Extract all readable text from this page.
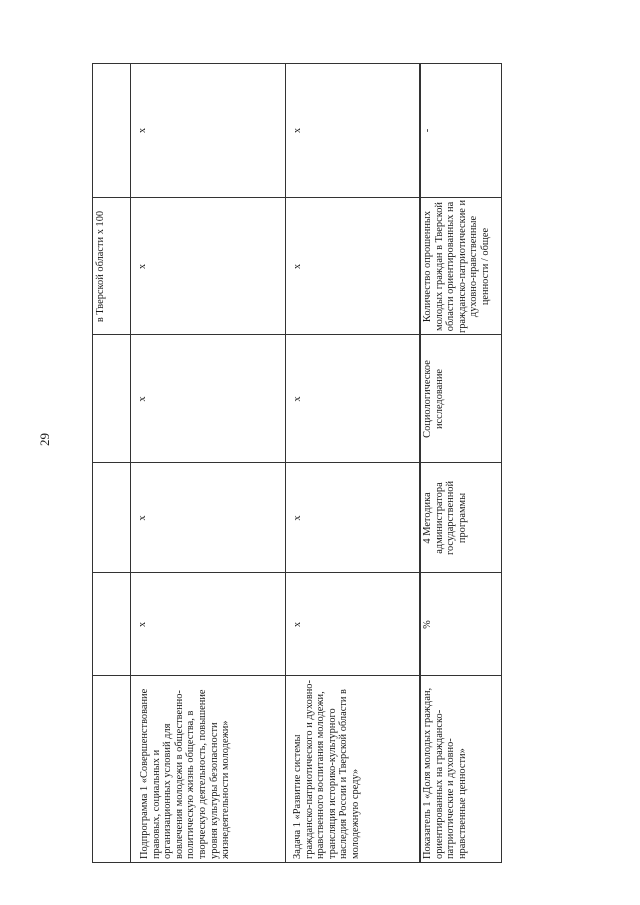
29
в Тверской области х 100
Подпрограмма 1 «Совершенствование правовых, социальных и организационных условий для вовлечения молодежи в общественно-политическую жизнь общества, в творческую деятельность, повышение уровня культуры безопасности жизнедеятельности молодежи»
х
х
х
х
х
Задача 1 «Развитие системы гражданско-патриотического и духовно-нравственного воспитания молодежи, трансляция историко-культурного наследия России и Тверской области в молодежную среду»
х
х
х
х
х
Показатель 1 «Доля молодых граждан, ориентированных на гражданско-патриотические и духовно-нравственные ценности»
%
4 Методика администратора государственной программы
Социологическое исследование
Количество опрошенных молодых граждан в Тверской области ориентированных на гражданско-патриотические и духовно-нравственные ценности / общее
-
